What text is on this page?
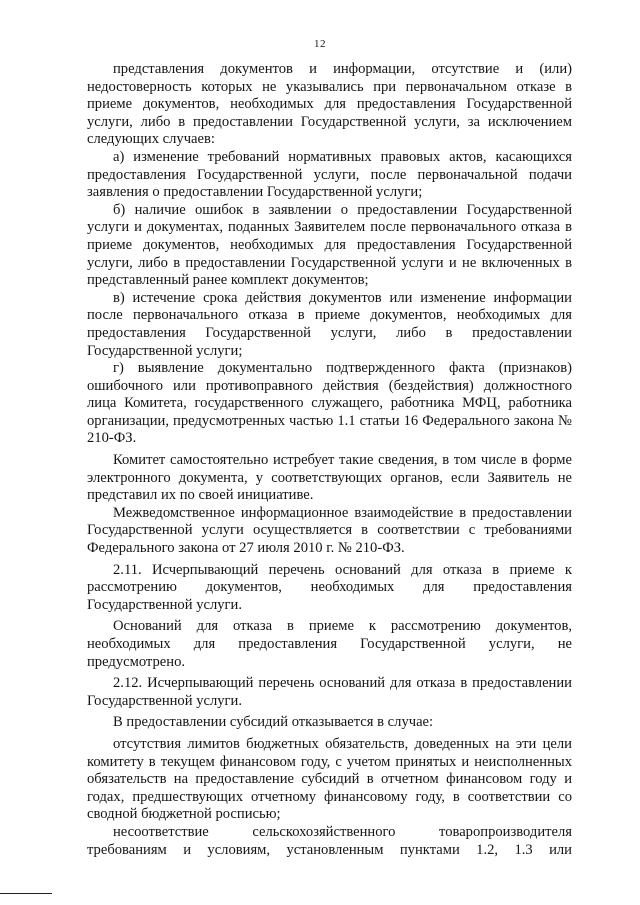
12

представления документов и информации, отсутствие и (или) недостоверность которых не указывались при первоначальном отказе в приеме документов, необходимых для предоставления Государственной услуги, либо в предоставлении Государственной услуги, за исключением следующих случаев:

а) изменение требований нормативных правовых актов, касающихся предоставления Государственной услуги, после первоначальной подачи заявления о предоставлении Государственной услуги;

б) наличие ошибок в заявлении о предоставлении Государственной услуги и документах, поданных Заявителем после первоначального отказа в приеме документов, необходимых для предоставления Государственной услуги, либо в предоставлении Государственной услуги и не включенных в представленный ранее комплект документов;

в) истечение срока действия документов или изменение информации после первоначального отказа в приеме документов, необходимых для предоставления Государственной услуги, либо в предоставлении Государственной услуги;

г) выявление документально подтвержденного факта (признаков) ошибочного или противоправного действия (бездействия) должностного лица Комитета, государственного служащего, работника МФЦ, работника организации, предусмотренных частью 1.1 статьи 16 Федерального закона № 210-ФЗ.

Комитет самостоятельно истребует такие сведения, в том числе в форме электронного документа, у соответствующих органов, если Заявитель не представил их по своей инициативе.

Межведомственное информационное взаимодействие в предоставлении Государственной услуги осуществляется в соответствии с требованиями Федерального закона от 27 июля 2010 г. № 210-ФЗ.

2.11. Исчерпывающий перечень оснований для отказа в приеме к рассмотрению документов, необходимых для предоставления Государственной услуги.

Оснований для отказа в приеме к рассмотрению документов, необходимых для предоставления Государственной услуги, не предусмотрено.

2.12. Исчерпывающий перечень оснований для отказа в предоставлении Государственной услуги.

В предоставлении субсидий отказывается в случае:

отсутствия лимитов бюджетных обязательств, доведенных на эти цели комитету в текущем финансовом году, с учетом принятых и неисполненных обязательств на предоставление субсидий в отчетном финансовом году и годах, предшествующих отчетному финансовому году, в соответствии со сводной бюджетной росписью;

несоответствие сельскохозяйственного товаропроизводителя требованиям и условиям, установленным пунктами 1.2, 1.3 или
